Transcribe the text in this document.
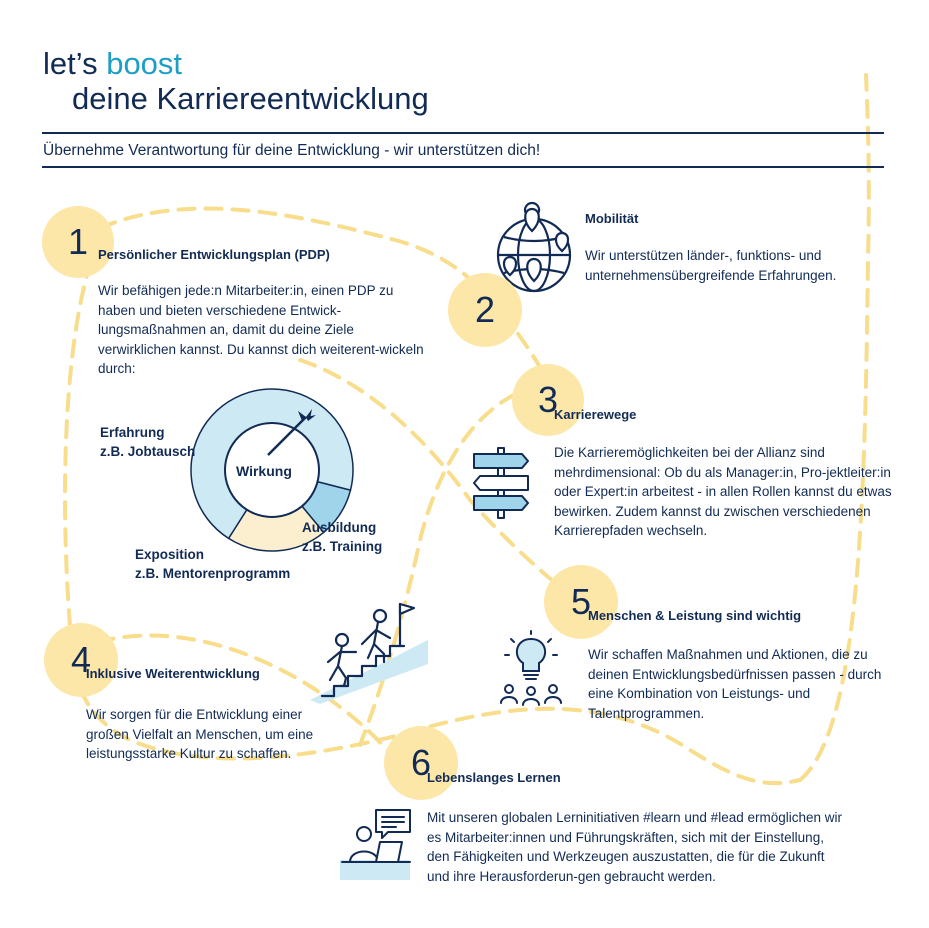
let’s boost
deine Karriereentwicklung
Übernehme Verantwortung für deine Entwicklung - wir unterstützen dich!
1 Persönlicher Entwicklungsplan (PDP)
Wir befähigen jede:n Mitarbeiter:in, einen PDP zu haben und bieten verschiedene Entwick-lungsmaßnahmen an, damit du deine Ziele verwirklichen kannst. Du kannst dich weiterent-wickeln durch:
Wirkung
Erfahrung
z.B. Jobtausch
Ausbildung
z.B. Training
Exposition
z.B. Mentorenprogramm
Mobilität
Wir unterstützen länder-, funktions- und unternehmensübergreifende Erfahrungen.
2
3
Karrierewege
Die Karrieremöglichkeiten bei der Allianz sind mehrdimensional: Ob du als Manager:in, Pro-jektleiter:in oder Expert:in arbeitest - in allen Rollen kannst du etwas bewirken. Zudem kannst du zwischen verschiedenen Karrierepfaden wechseln.
4
Inklusive Weiterentwicklung
Wir sorgen für die Entwicklung einer großen Vielfalt an Menschen, um eine leistungsstarke Kultur zu schaffen.
5
Menschen & Leistung sind wichtig
Wir schaffen Maßnahmen und Aktionen, die zu deinen Entwicklungsbedürfnissen passen - durch eine Kombination von Leistungs- und Talentprogrammen.
6
Lebenslanges Lernen
Mit unseren globalen Lerninitiativen #learn und #lead ermöglichen wir es Mitarbeiter:innen und Führungskräften, sich mit der Einstellung, den Fähigkeiten und Werkzeugen auszustatten, die für die Zukunft und ihre Herausforderun-gen gebraucht werden.
